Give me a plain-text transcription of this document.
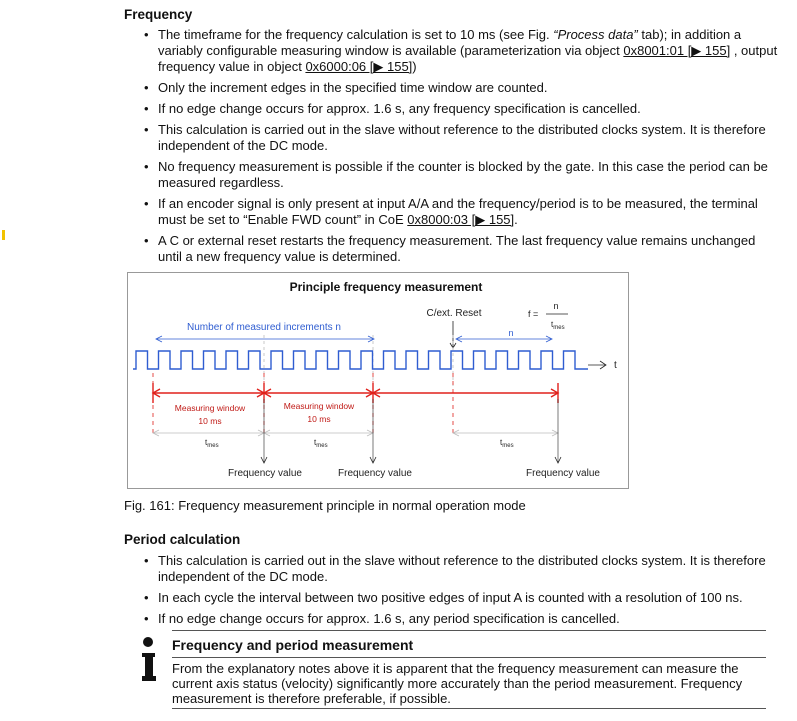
Frequency
• The timeframe for the frequency calculation is set to 10 ms (see Fig. “Process data” tab); in addition a variably configurable measuring window is available (parameterization via object 0x8001:01 [▶ 155] , output frequency value in object 0x6000:06 [▶ 155])
• Only the increment edges in the specified time window are counted.
• If no edge change occurs for approx. 1.6 s, any frequency specification is cancelled.
• This calculation is carried out in the slave without reference to the distributed clocks system. It is therefore independent of the DC mode.
• No frequency measurement is possible if the counter is blocked by the gate. In this case the period can be measured regardless.
• If an encoder signal is only present at input A/A and the frequency/period is to be measured, the terminal must be set to “Enable FWD count” in CoE 0x8000:03 [▶ 155].
• A C or external reset restarts the frequency measurement. The last frequency value remains unchanged until a new frequency value is determined.
Principle frequency measurement
f =
n
$t_{mes}$
C/ext. Reset
n
Number of measured increments n
t
Measuring window
10 ms
Measuring window
10 ms
$t_{mes}$	$t_{mes}$	$t_{mes}$
Frequency value	Frequency value	Frequency value
Fig. 161: Frequency measurement principle in normal operation mode
Period calculation
• This calculation is carried out in the slave without reference to the distributed clocks system. It is therefore independent of the DC mode.
• In each cycle the interval between two positive edges of input A is counted with a resolution of 100 ns.
• If no edge change occurs for approx. 1.6 s, any period specification is cancelled.
Frequency and period measurement
From the explanatory notes above it is apparent that the frequency measurement can measure the current axis status (velocity) significantly more accurately than the period measurement. Frequency measurement is therefore preferable, if possible.
